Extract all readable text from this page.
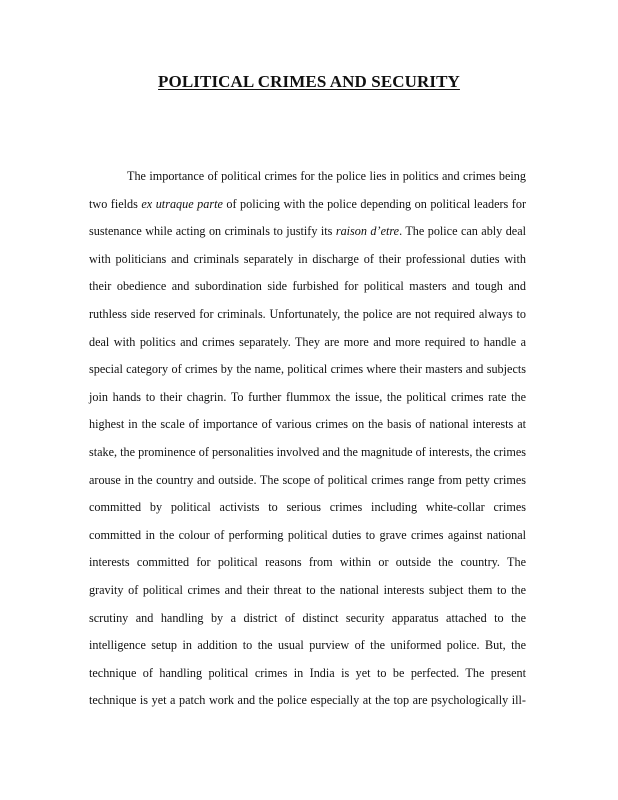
POLITICAL CRIMES AND SECURITY
The importance of political crimes for the police lies in politics and crimes being
two fields ex utraque parte of policing with the police depending on political leaders for
sustenance while acting on criminals to justify its raison d’etre. The police can ably deal
with politicians and criminals separately in discharge of their professional duties with
their obedience and subordination side furbished for political masters and tough and
ruthless side reserved for criminals. Unfortunately, the police are not required always to
deal with politics and crimes separately. They are more and more required to handle a
special category of crimes by the name, political crimes where their masters and subjects
join hands to their chagrin. To further flummox the issue, the political crimes rate the
highest in the scale of importance of various crimes on the basis of national interests at
stake, the prominence of personalities involved and the magnitude of interests, the crimes
arouse in the country and outside. The scope of political crimes range from petty crimes
committed by political activists to serious crimes including white-collar crimes
committed in the colour of performing political duties to grave crimes against national
interests committed for political reasons from within or outside the country. The
gravity of political crimes and their threat to the national interests subject them to the
scrutiny and handling by a district of distinct security apparatus attached to the
intelligence setup in addition to the usual purview of the uniformed police. But, the
technique of handling political crimes in India is yet to be perfected. The present
technique is yet a patch work and the police especially at the top are psychologically ill-
